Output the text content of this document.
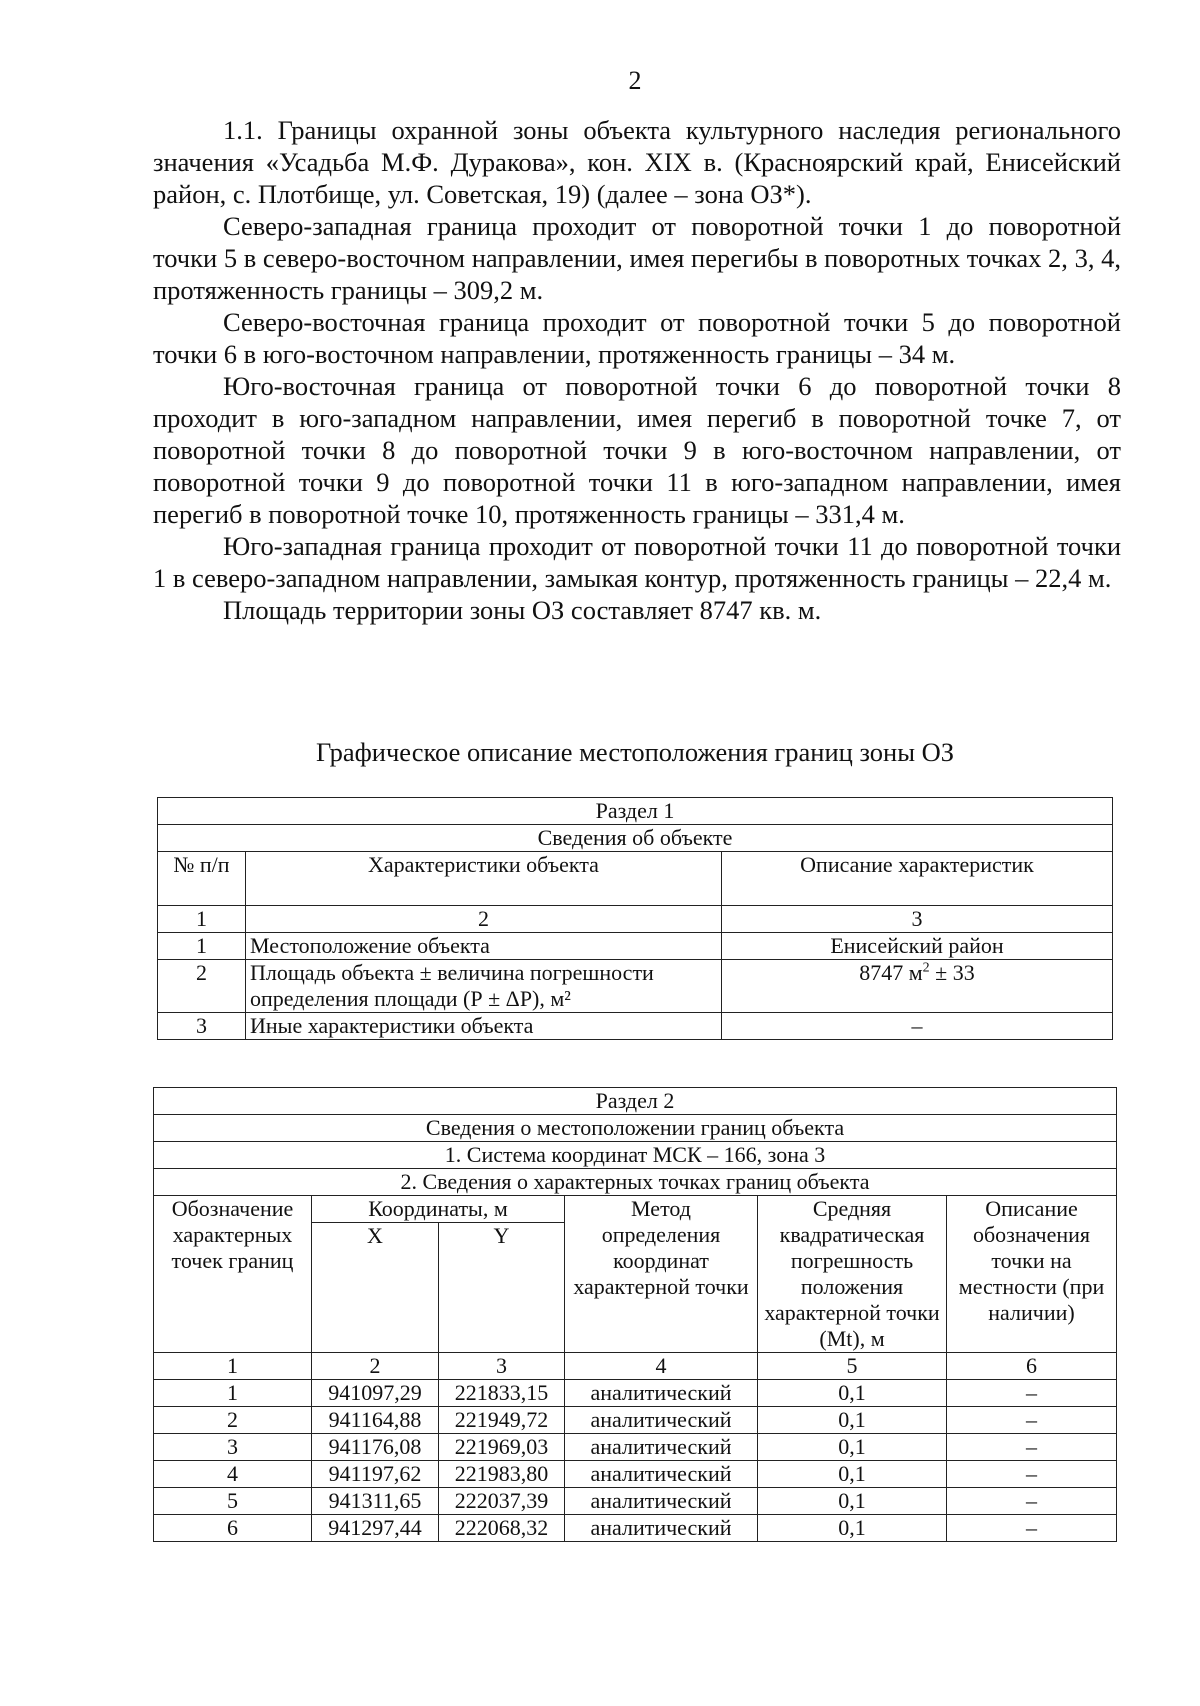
2

1.1. Границы охранной зоны объекта культурного наследия регионального значения «Усадьба М.Ф. Дуракова», кон. XIX в. (Красноярский край, Енисейский район, с. Плотбище, ул. Советская, 19) (далее – зона ОЗ*).

Северо-западная граница проходит от поворотной точки 1 до поворотной точки 5 в северо-восточном направлении, имея перегибы в поворотных точках 2, 3, 4, протяженность границы – 309,2 м.

Северо-восточная граница проходит от поворотной точки 5 до поворотной точки 6 в юго-восточном направлении, протяженность границы – 34 м.

Юго-восточная граница от поворотной точки 6 до поворотной точки 8 проходит в юго-западном направлении, имея перегиб в поворотной точке 7, от поворотной точки 8 до поворотной точки 9 в юго-восточном направлении, от поворотной точки 9 до поворотной точки 11 в юго-западном направлении, имея перегиб в поворотной точке 10, протяженность границы – 331,4 м.

Юго-западная граница проходит от поворотной точки 11 до поворотной точки 1 в северо-западном направлении, замыкая контур, протяженность границы – 22,4 м.

Площадь территории зоны ОЗ составляет 8747 кв. м.

Графическое описание местоположения границ зоны ОЗ
Раздел 1		
Сведения об объекте		
№ п/п	Характеристики объекта	Описание характеристик
1	2	3
1	Местоположение объекта	Енисейский район
2	Площадь объекта ± величина погрешности определения площади (Р ± ΔР), м²	8747 $м^2 \pm 33$
3	Иные характеристики объекта	–
Раздел 2					
Сведения о местоположении границ объекта					
1. Система координат МСК – 166, зона 3					
2. Сведения о характерных точках границ объекта					
Обозначение характерных точек границ	Координаты, м		Метод определения координат характерной точки	Средняя квадратическая погрешность положения характерной точки (Mt), м	Описание обозначения точки на местности (при наличии)
	X	Y			
1	2	3	4	5	6
1	941097,29	221833,15	аналитический	0,1	–
2	941164,88	221949,72	аналитический	0,1	–
3	941176,08	221969,03	аналитический	0,1	–
4	941197,62	221983,80	аналитический	0,1	–
5	941311,65	222037,39	аналитический	0,1	–
6	941297,44	222068,32	аналитический	0,1	–
